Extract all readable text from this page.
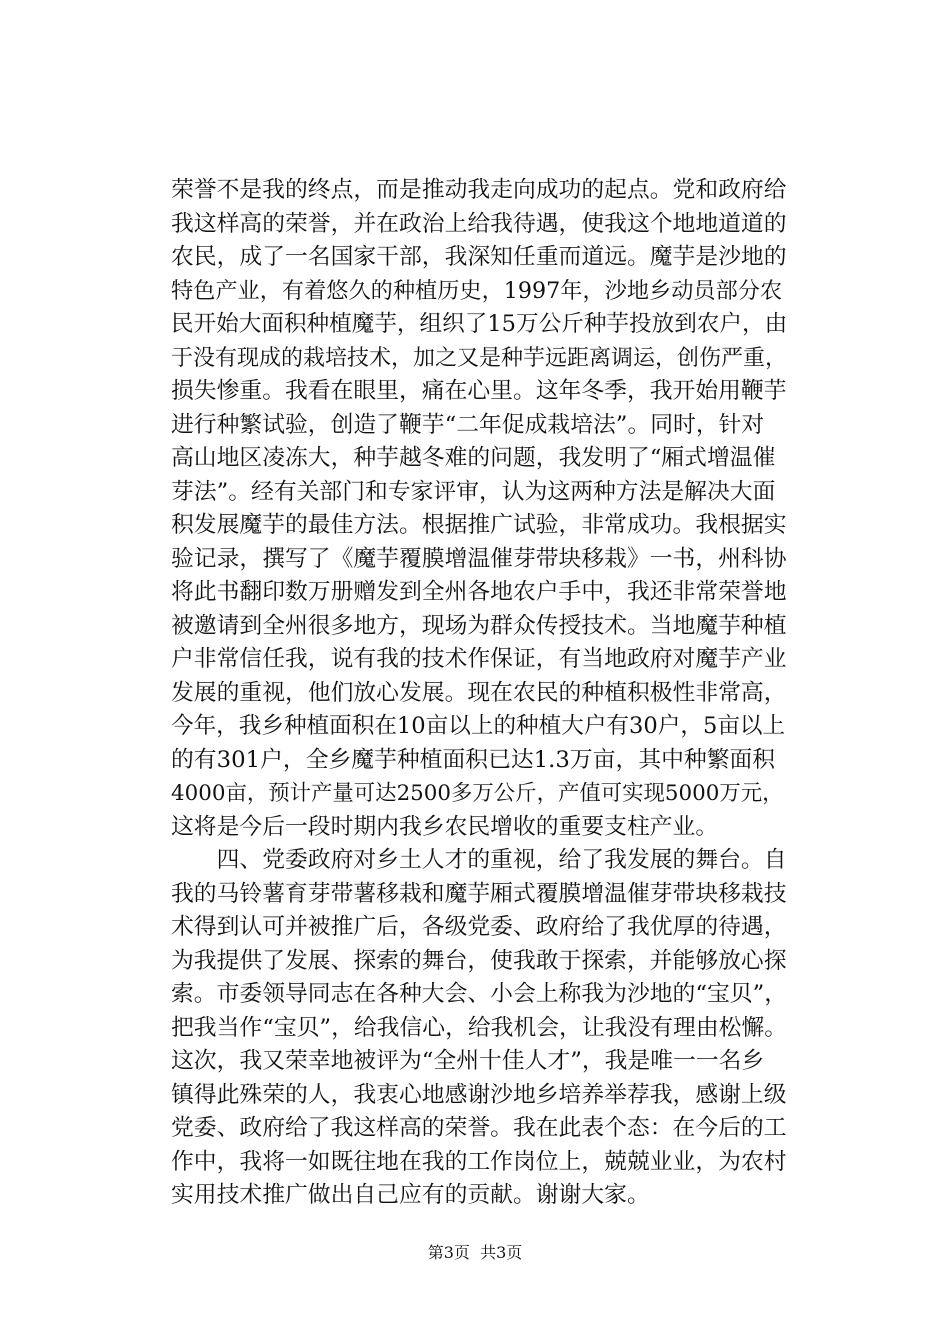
荣誉不是我的终点，而是推动我走向成功的起点。党和政府给
我这样高的荣誉，并在政治上给我待遇，使我这个地地道道的
农民，成了一名国家干部，我深知任重而道远。魔芋是沙地的
特色产业，有着悠久的种植历史，1997年，沙地乡动员部分农
民开始大面积种植魔芋，组织了15万公斤种芋投放到农户，由
于没有现成的栽培技术，加之又是种芋远距离调运，创伤严重，
损失惨重。我看在眼里，痛在心里。这年冬季，我开始用鞭芋
进行种繁试验，创造了鞭芋“二年促成栽培法”。同时，针对
高山地区凌冻大，种芋越冬难的问题，我发明了“厢式增温催
芽法”。经有关部门和专家评审，认为这两种方法是解决大面
积发展魔芋的最佳方法。根据推广试验，非常成功。我根据实
验记录，撰写了《魔芋覆膜增温催芽带块移栽》一书，州科协
将此书翻印数万册赠发到全州各地农户手中，我还非常荣誉地
被邀请到全州很多地方，现场为群众传授技术。当地魔芋种植
户非常信任我，说有我的技术作保证，有当地政府对魔芋产业
发展的重视，他们放心发展。现在农民的种植积极性非常高，
今年，我乡种植面积在10亩以上的种植大户有30户，5亩以上
的有301户，全乡魔芋种植面积已达1.3万亩，其中种繁面积
4000亩，预计产量可达2500多万公斤，产值可实现5000万元，
这将是今后一段时期内我乡农民增收的重要支柱产业。
　　四、党委政府对乡土人才的重视，给了我发展的舞台。自
我的马铃薯育芽带薯移栽和魔芋厢式覆膜增温催芽带块移栽技
术得到认可并被推广后，各级党委、政府给了我优厚的待遇，
为我提供了发展、探索的舞台，使我敢于探索，并能够放心探
索。市委领导同志在各种大会、小会上称我为沙地的“宝贝”，
把我当作“宝贝”，给我信心，给我机会，让我没有理由松懈。
这次，我又荣幸地被评为“全州十佳人才”，我是唯一一名乡
镇得此殊荣的人，我衷心地感谢沙地乡培养举荐我，感谢上级
党委、政府给了我这样高的荣誉。我在此表个态：在今后的工
作中，我将一如既往地在我的工作岗位上，兢兢业业，为农村
实用技术推广做出自己应有的贡献。谢谢大家。
第3页  共3页
